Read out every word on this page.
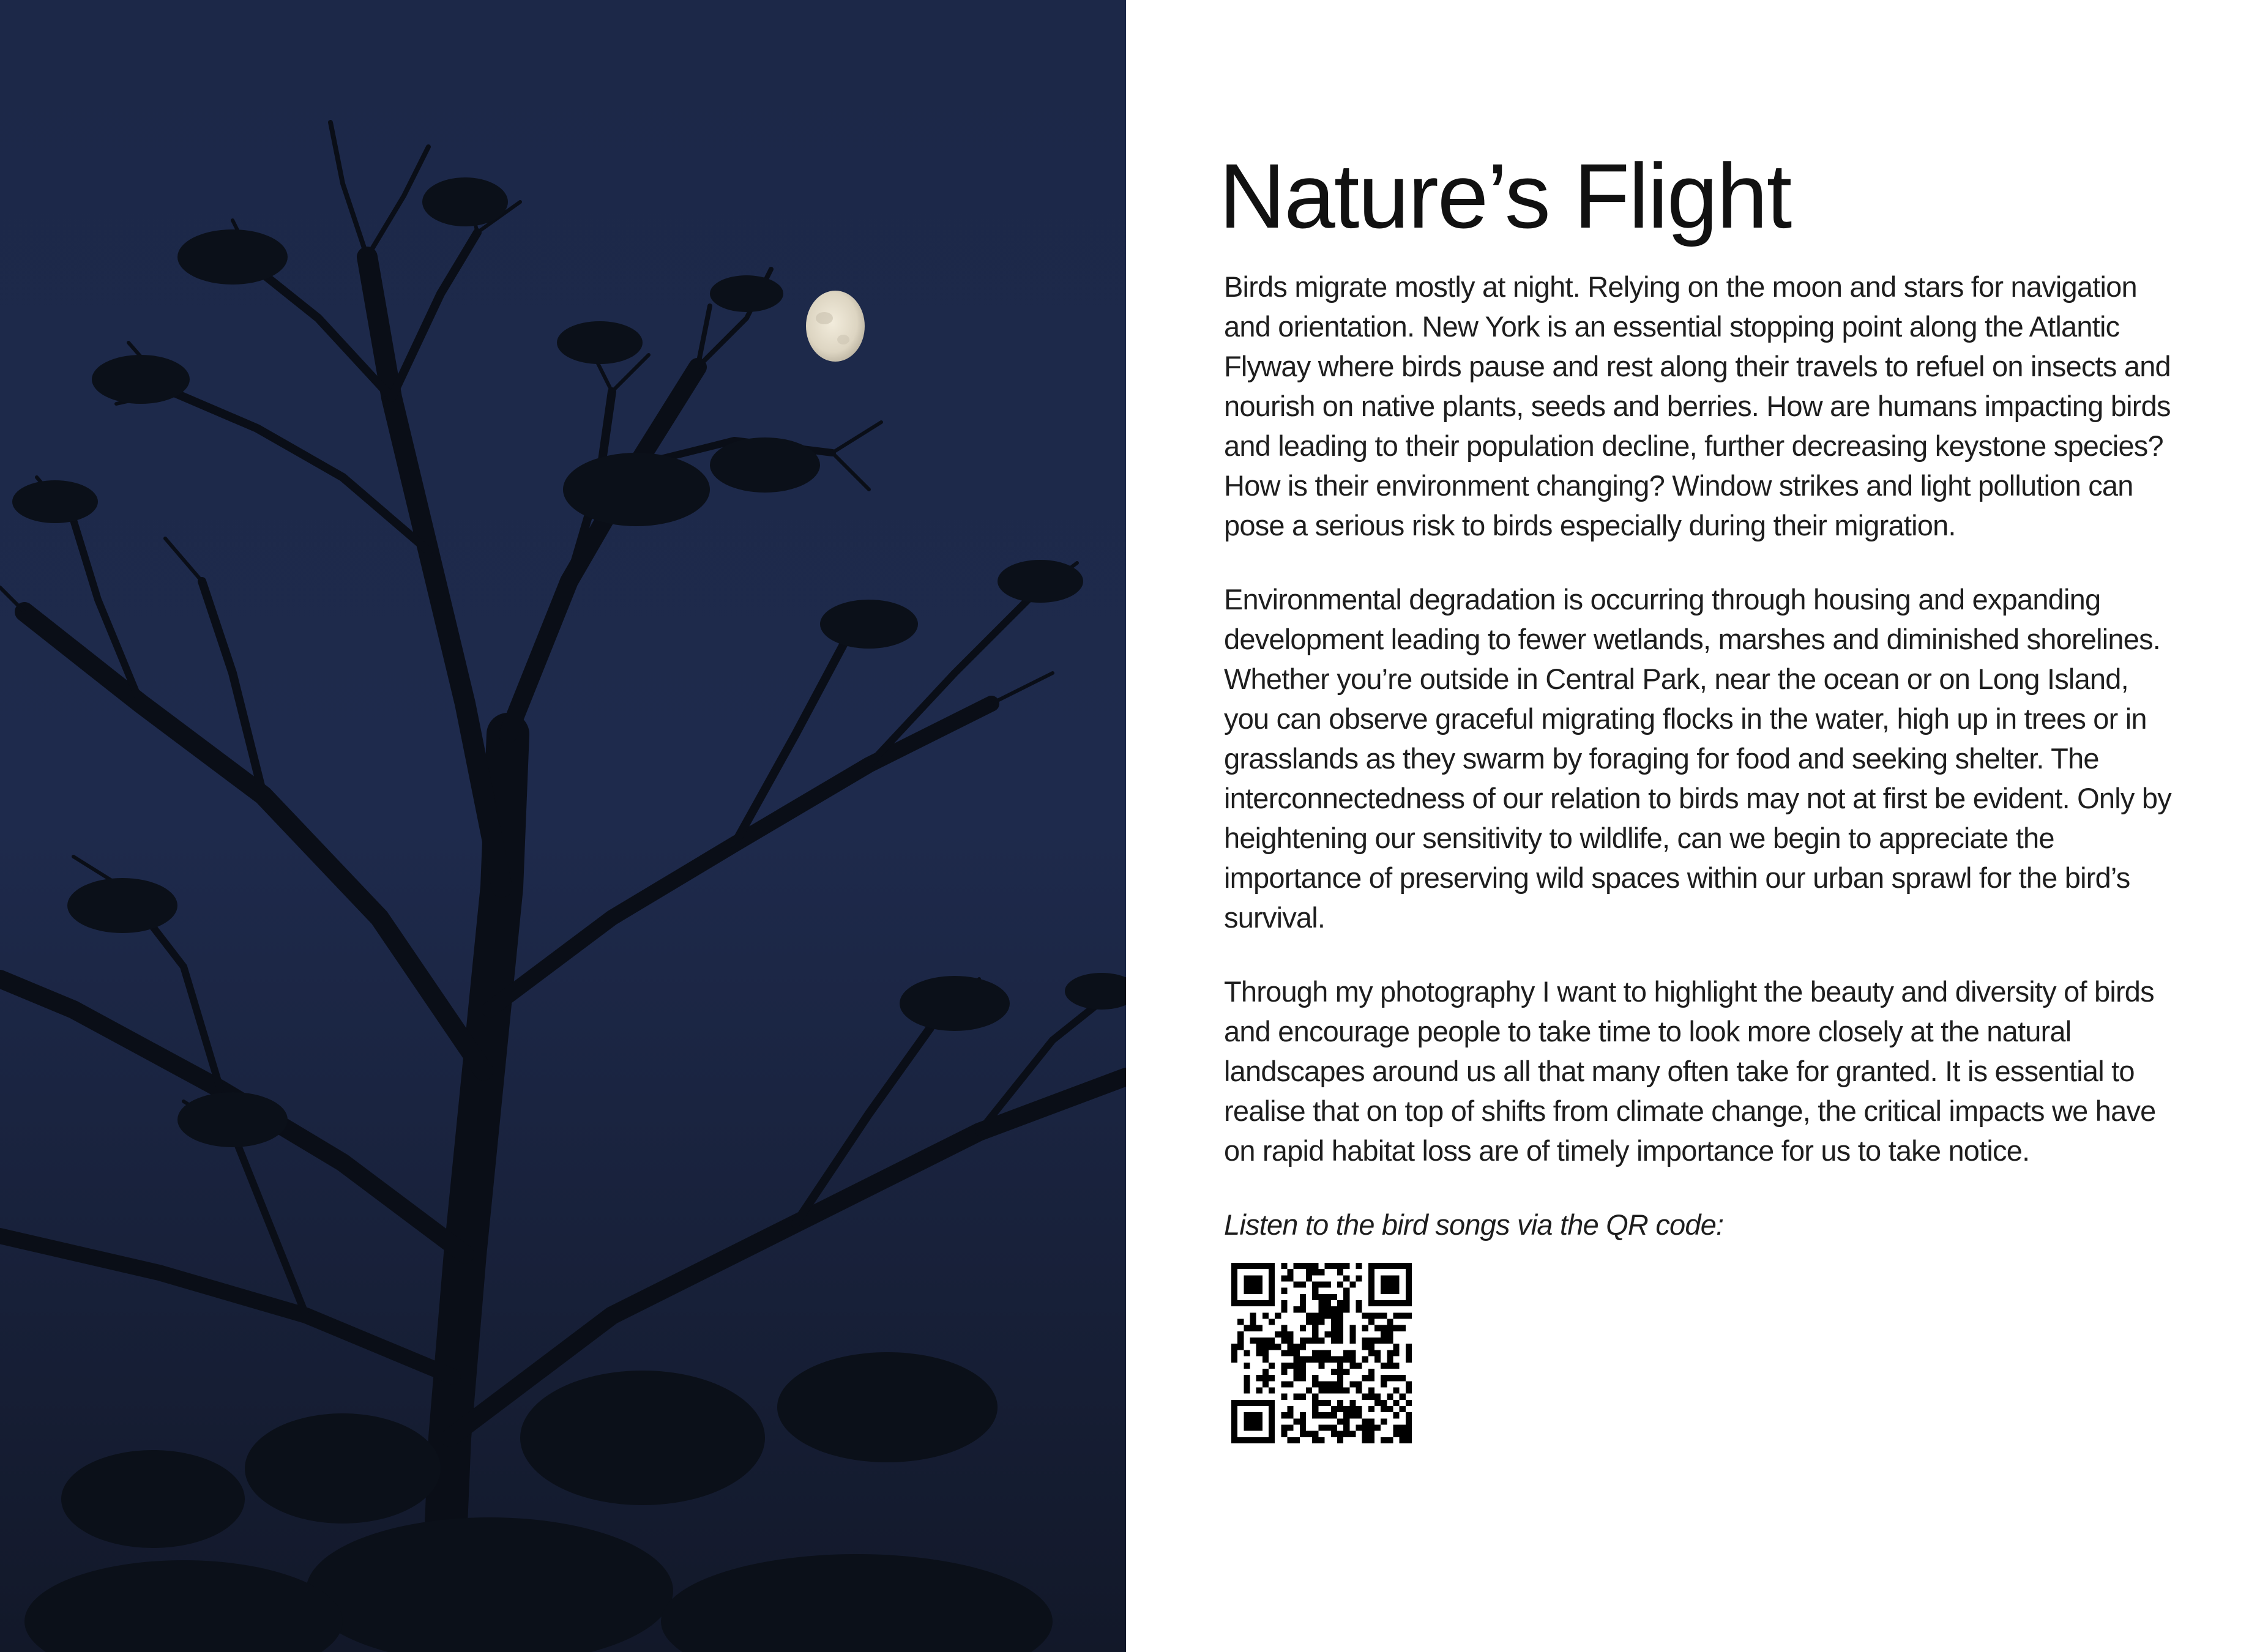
Nature’s Flight

Birds migrate mostly at night. Relying on the moon and stars for navigation and orientation. New York is an essential stopping point along the Atlantic Flyway where birds pause and rest along their travels to refuel on insects and nourish on native plants, seeds and berries. How are humans impacting birds and leading to their population decline, further decreasing keystone species? How is their environment changing? Window strikes and light pollution can pose a serious risk to birds especially during their migration.

Environmental degradation is occurring through housing and expanding development leading to fewer wetlands, marshes and diminished shorelines. Whether you’re outside in Central Park, near the ocean or on Long Island, you can observe graceful migrating flocks in the water, high up in trees or in grasslands as they swarm by foraging for food and seeking shelter. The interconnectedness of our relation to birds may not at first be evident. Only by heightening our sensitivity to wildlife, can we begin to appreciate the importance of preserving wild spaces within our urban sprawl for the bird’s survival.

Through my photography I want to highlight the beauty and diversity of birds and encourage people to take time to look more closely at the natural landscapes around us all that many often take for granted. It is essential to realise that on top of shifts from climate change, the critical impacts we have on rapid habitat loss are of timely importance for us to take notice.

Listen to the bird songs via the QR code:
